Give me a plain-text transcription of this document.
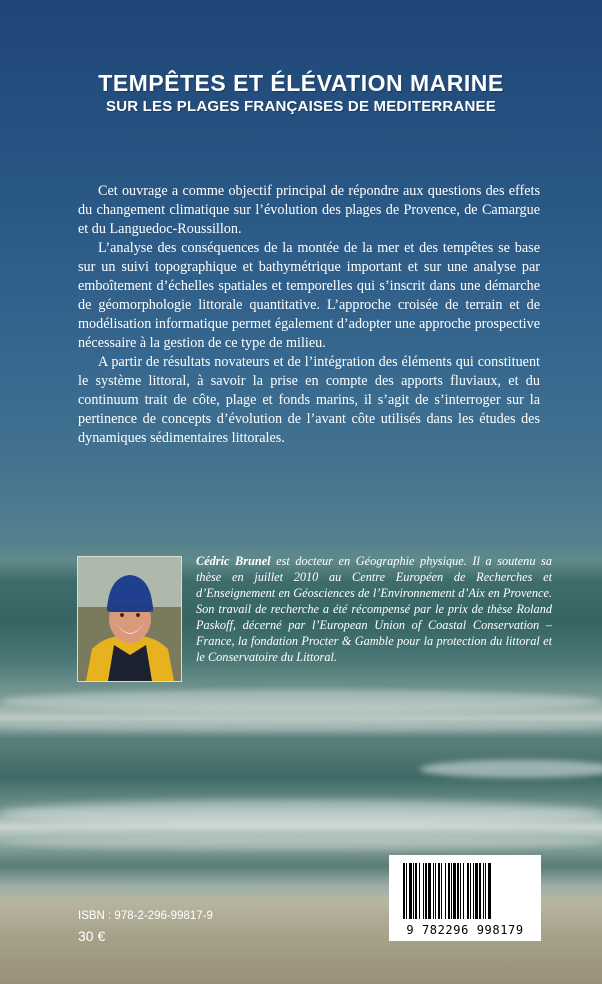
TEMPÊTES ET ÉLÉVATION MARINE
SUR LES PLAGES FRANÇAISES DE MEDITERRANEE

Cet ouvrage a comme objectif principal de répondre aux questions des effets du changement climatique sur l’évolution des plages de Provence, de Camargue et du Languedoc-Roussillon.

L’analyse des conséquences de la montée de la mer et des tempêtes se base sur un suivi topographique et bathymétrique important et sur une analyse par emboîtement d’échelles spatiales et temporelles qui s’inscrit dans une démarche de géomorphologie littorale quantitative. L’approche croisée de terrain et de modélisation informatique permet également d’adopter une approche prospective nécessaire à la gestion de ce type de milieu.

A partir de résultats novateurs et de l’intégration des éléments qui constituent le système littoral, à savoir la prise en compte des apports fluviaux, et du continuum trait de côte, plage et fonds marins, il s’agit de s’interroger sur la pertinence de concepts d’évolution de l’avant côte utilisés dans les études des dynamiques sédimentaires littorales.

Cédric Brunel est docteur en Géographie physique. Il a soutenu sa thèse en juillet 2010 au Centre Européen de Recherches et d’Enseignement en Géosciences de l’Environnement d’Aix en Provence. Son travail de recherche a été récompensé par le prix de thèse Roland Paskoff, décerné par l’European Union of Coastal Conservation – France, la fondation Procter & Gamble pour la protection du littoral et le Conservatoire du Littoral.

ISBN : 978-2-296-99817-9
30 €	9 782296 998179
